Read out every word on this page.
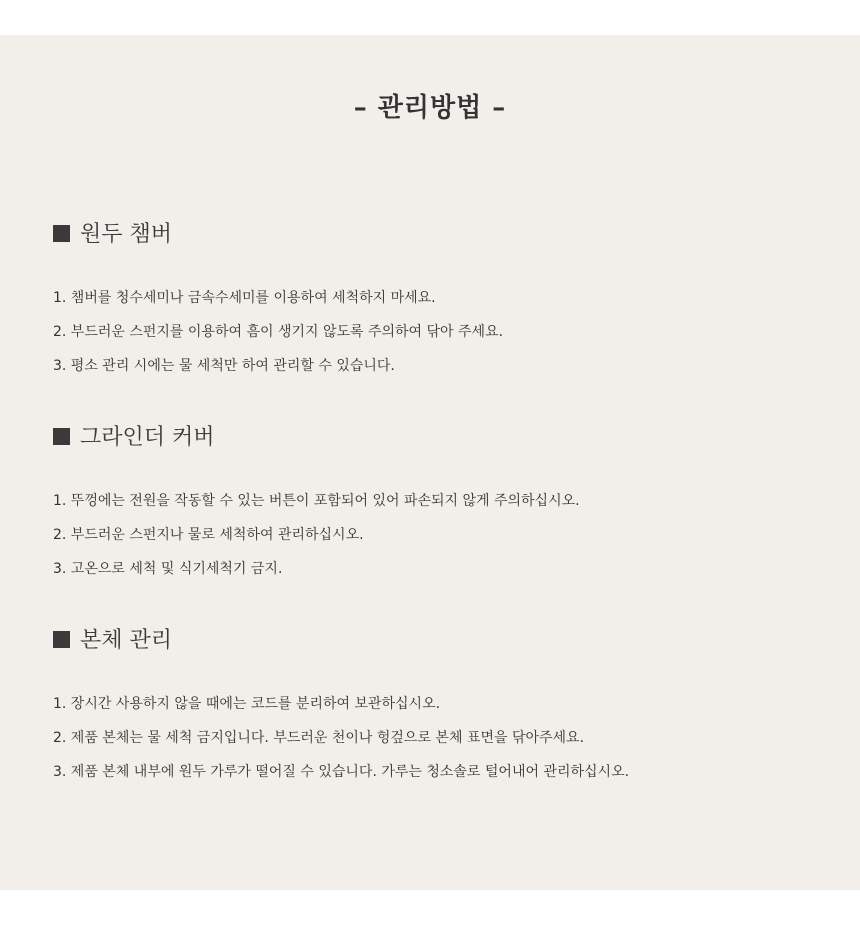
– 관리방법 –
원두 챔버
1. 챔버를 청수세미나 금속수세미를 이용하여 세척하지 마세요.
2. 부드러운 스펀지를 이용하여 흠이 생기지 않도록 주의하여 닦아 주세요.
3. 평소 관리 시에는 물 세척만 하여 관리할 수 있습니다.
그라인더 커버
1. 뚜껑에는 전원을 작동할 수 있는 버튼이 포함되어 있어 파손되지 않게 주의하십시오.
2. 부드러운 스펀지나 물로 세척하여 관리하십시오.
3. 고온으로 세척 및 식기세척기 금지.
본체 관리
1. 장시간 사용하지 않을 때에는 코드를 분리하여 보관하십시오.
2. 제품 본체는 물 세척 금지입니다. 부드러운 천이나 헝겊으로 본체 표면을 닦아주세요.
3. 제품 본체 내부에 원두 가루가 떨어질 수 있습니다. 가루는 청소솔로 털어내어 관리하십시오.
